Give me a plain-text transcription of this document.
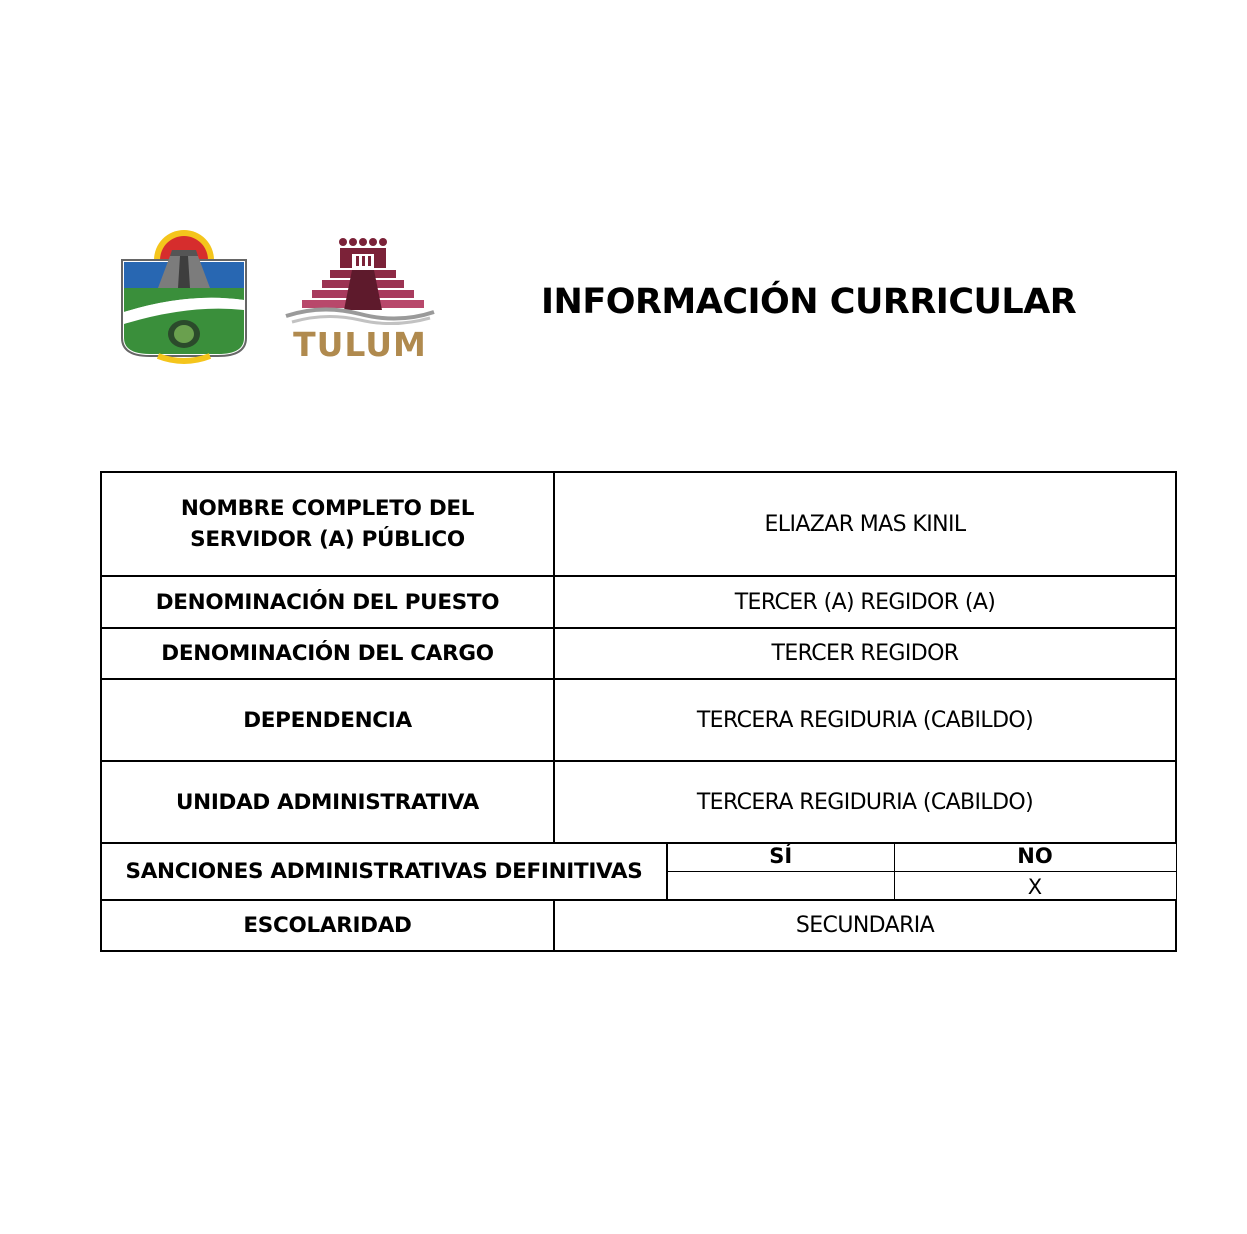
TULUM
INFORMACIÓN CURRICULAR
NOMBRE COMPLETO DEL SERVIDOR (A) PÚBLICO	ELIAZAR MAS KINIL		
DENOMINACIÓN DEL PUESTO	TERCER (A) REGIDOR (A)		
DENOMINACIÓN DEL CARGO	TERCER REGIDOR		
DEPENDENCIA	TERCERA REGIDURIA (CABILDO)		
UNIDAD ADMINISTRATIVA	TERCERA REGIDURIA (CABILDO)		
SANCIONES ADMINISTRATIVAS DEFINITIVAS		SÍ	NO
			X
ESCOLARIDAD	SECUNDARIA		
